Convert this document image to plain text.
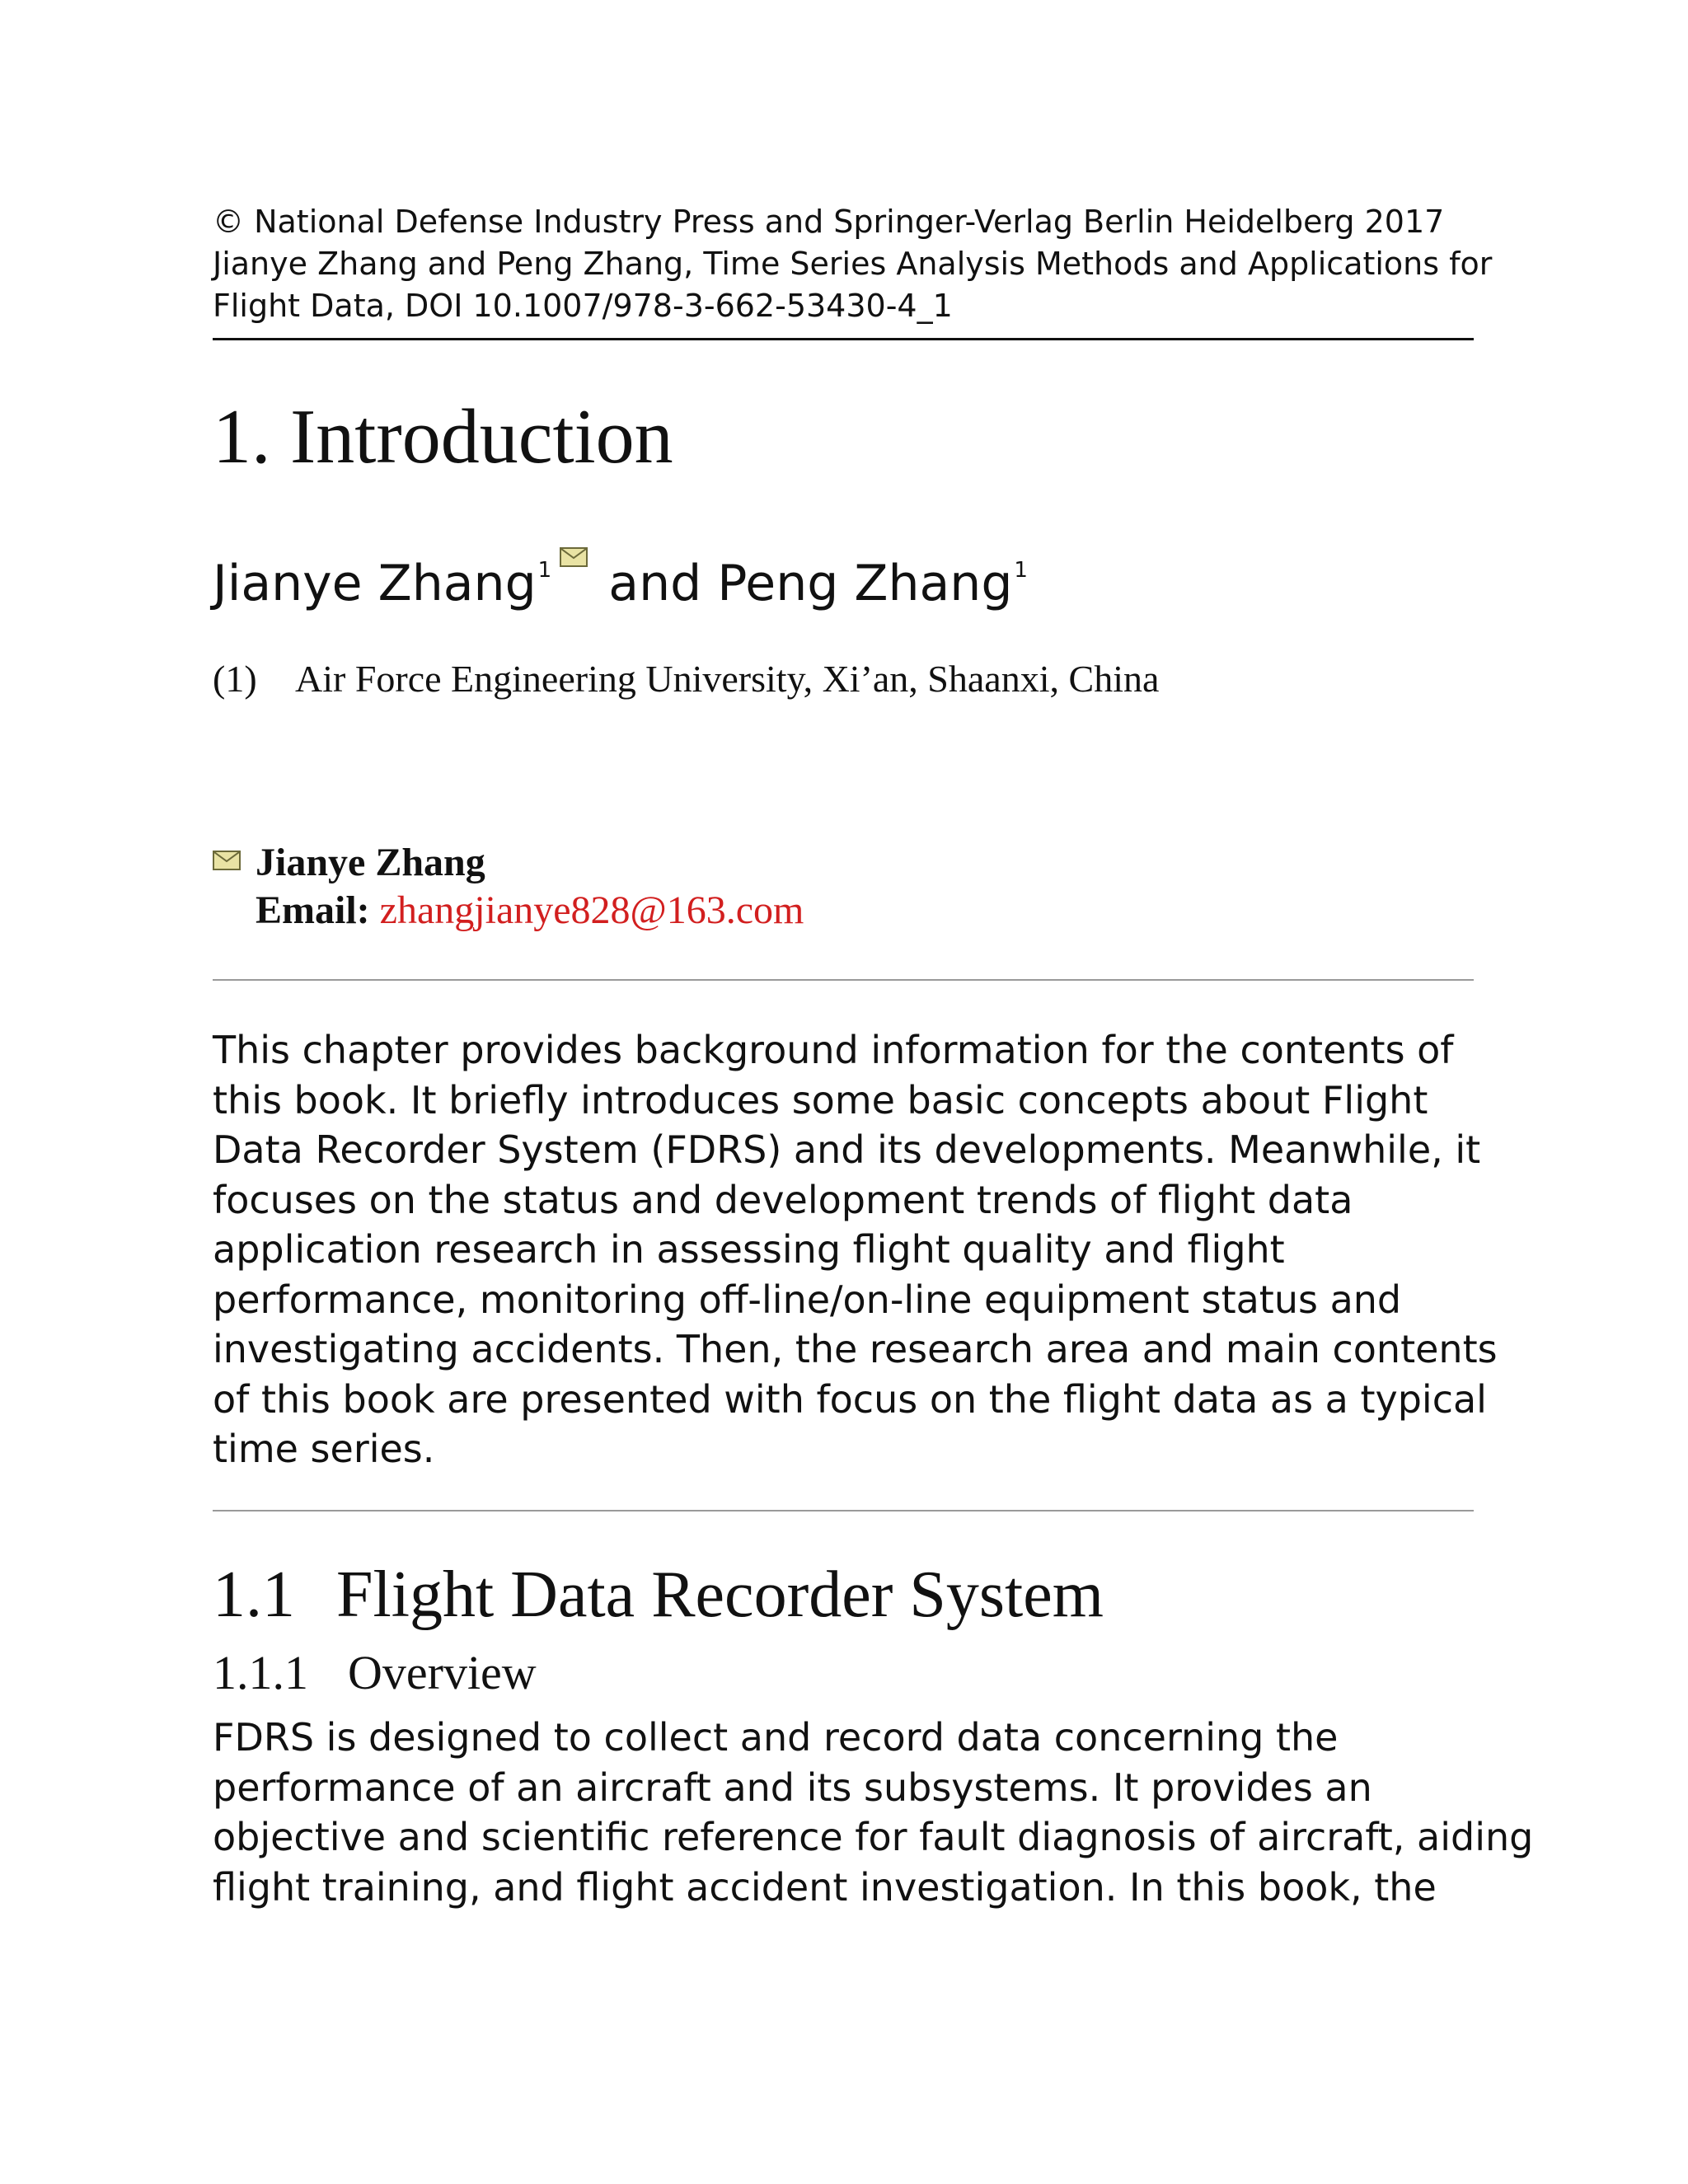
© National Defense Industry Press and Springer-Verlag Berlin Heidelberg 2017
Jianye Zhang and Peng Zhang, Time Series Analysis Methods and Applications for
Flight Data, DOI 10.1007/978-3-662-53430-4_1
1. Introduction
Jianye Zhang$^1$ and Peng Zhang$^1$
(1) Air Force Engineering University, Xi’an, Shaanxi, China
Jianye Zhang
Email: zhangjianye828@163.com
This chapter provides background information for the contents of
this book. It briefly introduces some basic concepts about Flight
Data Recorder System (FDRS) and its developments. Meanwhile, it
focuses on the status and development trends of flight data
application research in assessing flight quality and flight
performance, monitoring off-line/on-line equipment status and
investigating accidents. Then, the research area and main contents
of this book are presented with focus on the flight data as a typical
time series.
1.1 Flight Data Recorder System
1.1.1 Overview
FDRS is designed to collect and record data concerning the
performance of an aircraft and its subsystems. It provides an
objective and scientific reference for fault diagnosis of aircraft, aiding
flight training, and flight accident investigation. In this book, the
